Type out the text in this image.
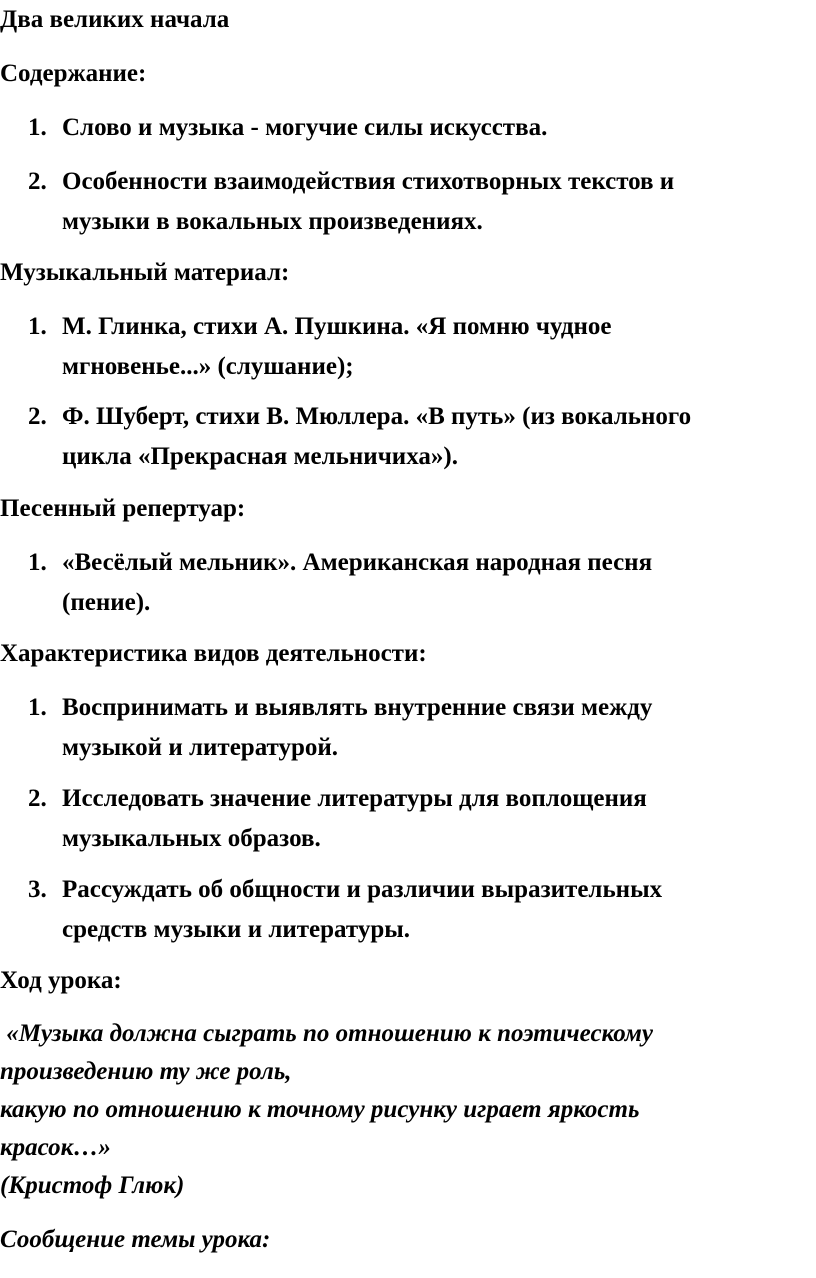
Два великих начала

Содержание:

1. Слово и музыка - могучие силы искусства.
2. Особенности взаимодействия стихотворных текстов и
музыки в вокальных произведениях.

Музыкальный материал:

1. М. Глинка, стихи А. Пушкина. «Я помню чудное
мгновенье...» (слушание);
2. Ф. Шуберт, стихи В. Мюллера. «В путь» (из вокального
цикла «Прекрасная мельничиха»).

Песенный репертуар:

1. «Весёлый мельник». Американская народная песня
(пение).

Характеристика видов деятельности:

1. Воспринимать и выявлять внутренние связи между
музыкой и литературой.
2. Исследовать значение литературы для воплощения
музыкальных образов.
3. Рассуждать об общности и различии выразительных
средств музыки и литературы.

Ход урока:

«Музыка должна сыграть по отношению к поэтическому

произведению ту же роль,

какую по отношению к точному рисунку играет яркость

красок…»

(Кристоф Глюк)

Сообщение темы урока:
